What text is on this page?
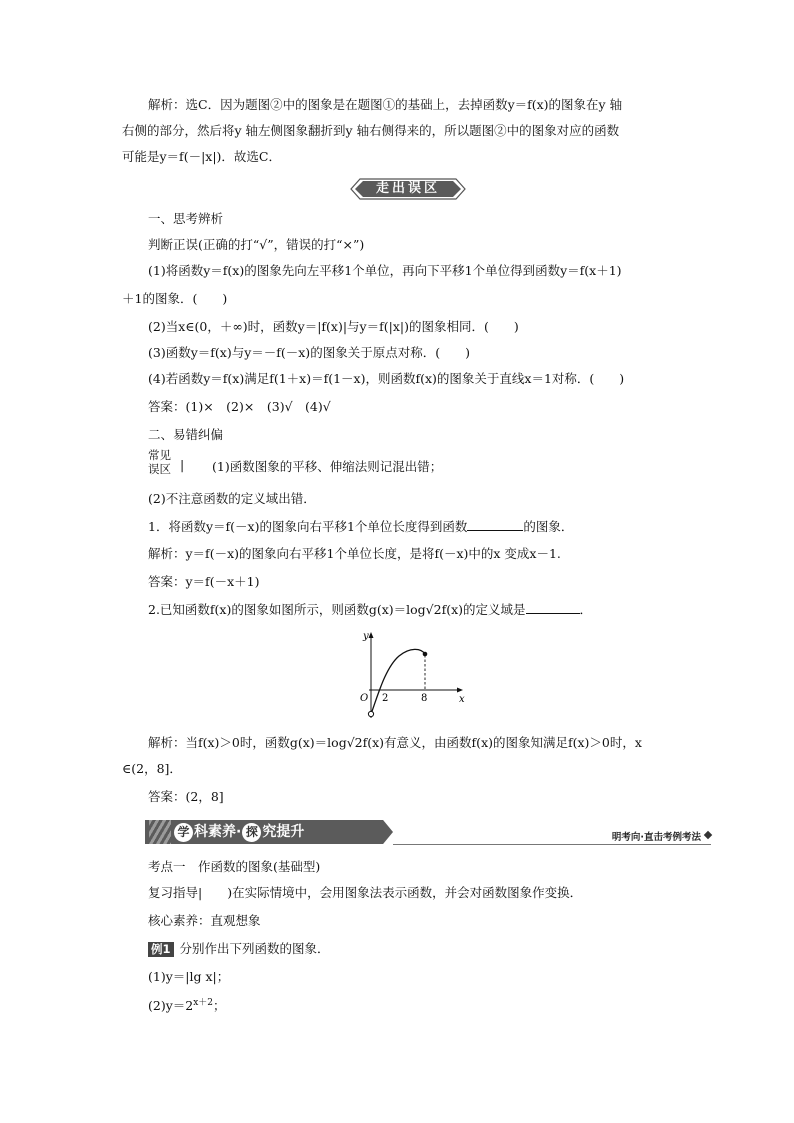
解析：选C．因为题图②中的图象是在题图①的基础上，去掉函数y＝f(x)的图象在y 轴
右侧的部分，然后将y 轴左侧图象翻折到y 轴右侧得来的，所以题图②中的图象对应的函数
可能是y＝f(－|x|)．故选C．
走出误区
一、思考辨析
判断正误(正确的打“√”，错误的打“×”)
(1)将函数y＝f(x)的图象先向左平移1个单位，再向下平移1个单位得到函数y＝f(x＋1)
＋1的图象．(　　)
(2)当x∈(0，＋∞)时，函数y＝|f(x)|与y＝f(|x|)的图象相同．(　　)
(3)函数y＝f(x)与y＝－f(－x)的图象关于原点对称．(　　)
(4)若函数y＝f(x)满足f(1＋x)＝f(1－x)，则函数f(x)的图象关于直线x＝1对称．(　　)
答案：(1)×　(2)×　(3)√　(4)√
二、易错纠偏
常见
误区 | (1)函数图象的平移、伸缩法则记混出错；
(2)不注意函数的定义域出错．
1．将函数y＝f(－x)的图象向右平移1个单位长度得到函数	的图象．
解析：y＝f(－x)的图象向右平移1个单位长度，是将f(－x)中的x 变成x－1.
答案：y＝f(－x＋1)
2.已知函数f(x)的图象如图所示，则函数g(x)＝log√2f(x)的定义域是	．
y
x
O 2	8
解析：当f(x)＞0时，函数g(x)＝log√2f(x)有意义，由函数f(x)的图象知满足f(x)＞0时，x
∈(2，8]．
答案：(2，8]
学 科素养· 探 究提升	明考向·直击考例考法
考点一　作函数的图象(基础型)
复习指导|　　)在实际情境中，会用图象法表示函数，并会对函数图象作变换．
核心素养：直观想象
例1 分别作出下列函数的图象．
(1)y＝|lg x|；
$(2)y=2^{x+2}$；
